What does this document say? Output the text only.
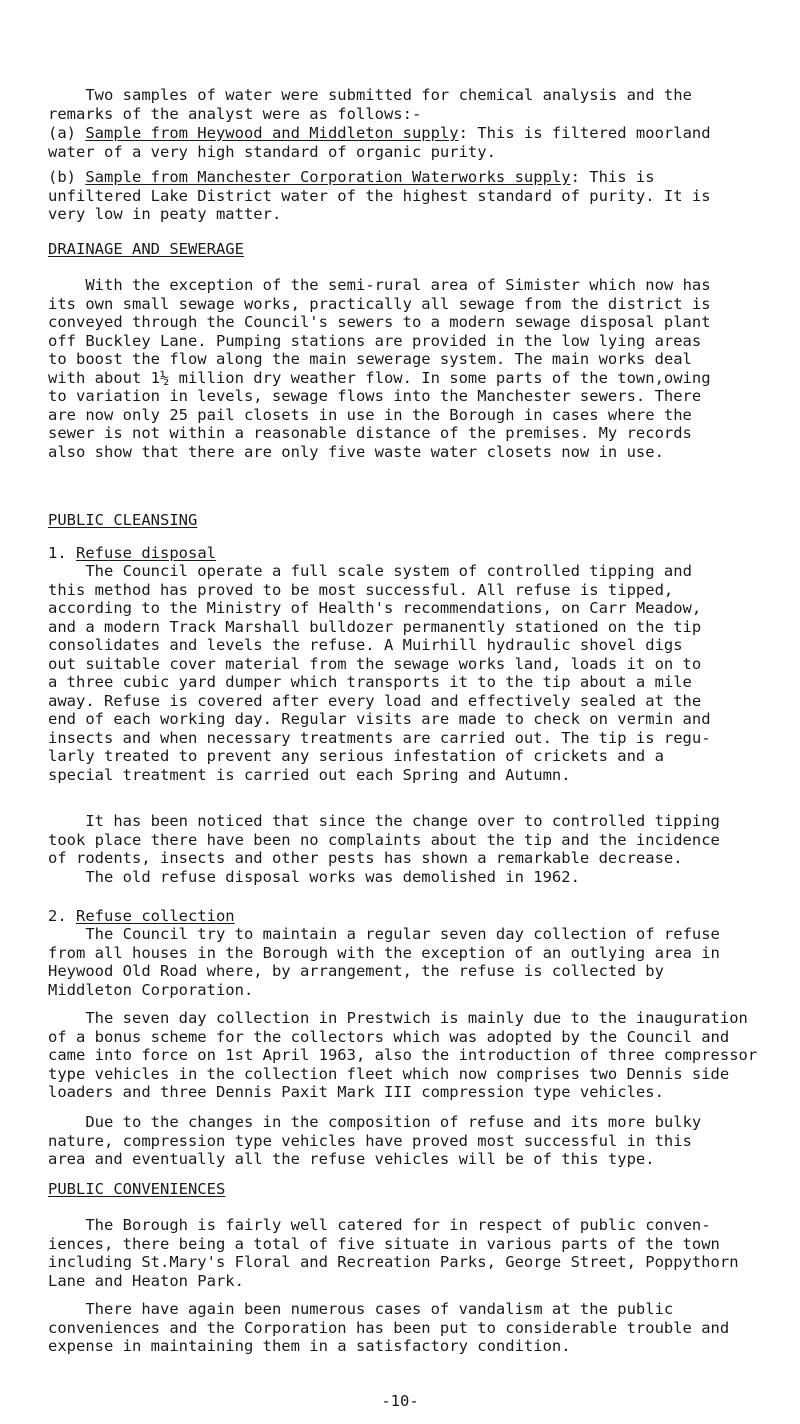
Two samples of water were submitted for chemical analysis and the

remarks of the analyst were as follows:-

(a) Sample from Heywood and Middleton supply: This is filtered moorland

water of a very high standard of organic purity.

(b) Sample from Manchester Corporation Waterworks supply: This is

unfiltered Lake District water of the highest standard of purity. It is

very low in peaty matter.

DRAINAGE AND SEWERAGE

With the exception of the semi-rural area of Simister which now has

its own small sewage works, practically all sewage from the district is

conveyed through the Council's sewers to a modern sewage disposal plant

off Buckley Lane. Pumping stations are provided in the low lying areas

to boost the flow along the main sewerage system. The main works deal

with about 1½ million dry weather flow. In some parts of the town,owing

to variation in levels, sewage flows into the Manchester sewers. There

are now only 25 pail closets in use in the Borough in cases where the

sewer is not within a reasonable distance of the premises. My records

also show that there are only five waste water closets now in use.

PUBLIC CLEANSING

1. Refuse disposal

The Council operate a full scale system of controlled tipping and

this method has proved to be most successful. All refuse is tipped,

according to the Ministry of Health's recommendations, on Carr Meadow,

and a modern Track Marshall bulldozer permanently stationed on the tip

consolidates and levels the refuse. A Muirhill hydraulic shovel digs

out suitable cover material from the sewage works land, loads it on to

a three cubic yard dumper which transports it to the tip about a mile

away. Refuse is covered after every load and effectively sealed at the

end of each working day. Regular visits are made to check on vermin and

insects and when necessary treatments are carried out. The tip is regu-

larly treated to prevent any serious infestation of crickets and a

special treatment is carried out each Spring and Autumn.

It has been noticed that since the change over to controlled tipping

took place there have been no complaints about the tip and the incidence

of rodents, insects and other pests has shown a remarkable decrease.

The old refuse disposal works was demolished in 1962.

2. Refuse collection

The Council try to maintain a regular seven day collection of refuse

from all houses in the Borough with the exception of an outlying area in

Heywood Old Road where, by arrangement, the refuse is collected by

Middleton Corporation.

The seven day collection in Prestwich is mainly due to the inauguration

of a bonus scheme for the collectors which was adopted by the Council and

came into force on 1st April 1963, also the introduction of three compressor

type vehicles in the collection fleet which now comprises two Dennis side

loaders and three Dennis Paxit Mark III compression type vehicles.

Due to the changes in the composition of refuse and its more bulky

nature, compression type vehicles have proved most successful in this

area and eventually all the refuse vehicles will be of this type.

PUBLIC CONVENIENCES

The Borough is fairly well catered for in respect of public conven-

iences, there being a total of five situate in various parts of the town

including St.Mary's Floral and Recreation Parks, George Street, Poppythorn

Lane and Heaton Park.

There have again been numerous cases of vandalism at the public

conveniences and the Corporation has been put to considerable trouble and

expense in maintaining them in a satisfactory condition.

-10-
